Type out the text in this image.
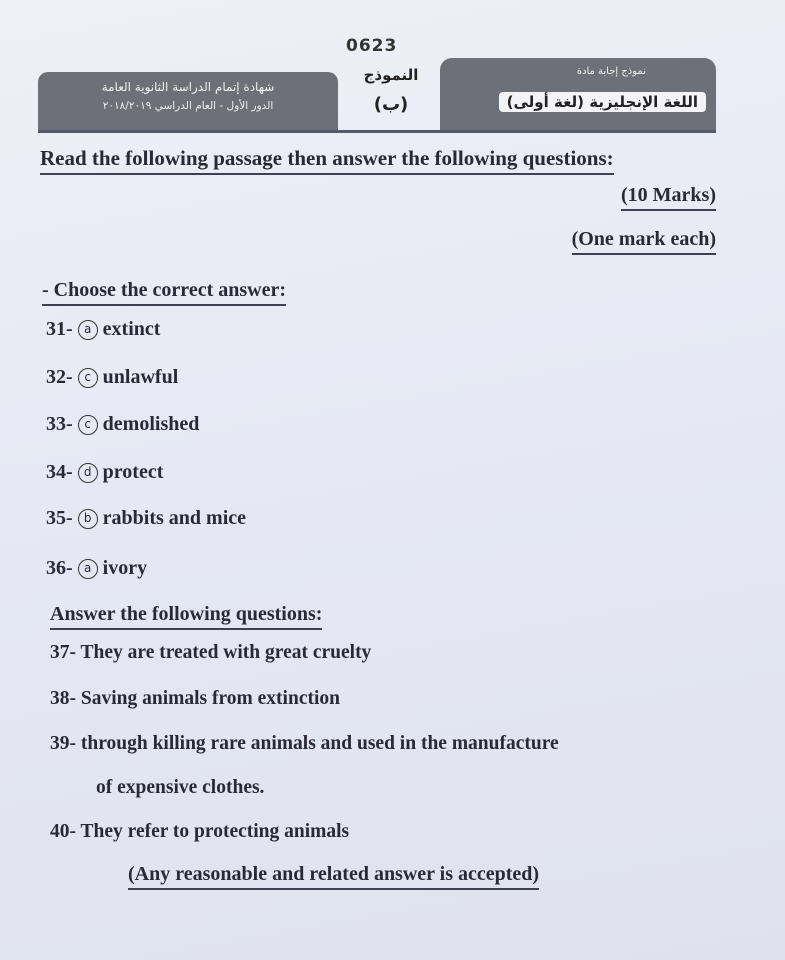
0623
شهادة إتمام الدراسة الثانوية العامة
الدور الأول - العام الدراسي ٢٠١٨/٢٠١٩
النموذج
(ب)
نموذج إجابة مادة
اللغة الإنجليزية (لغة أولى)
Read the following passage then answer the following questions:
(10 Marks)
(One mark each)
- Choose the correct answer:
31- a extinct
32- c unlawful
33- c demolished
34- d protect
35- b rabbits and mice
36- a ivory
Answer the following questions:
37- They are treated with great cruelty
38- Saving animals from extinction
39- through killing rare animals and used in the manufacture
of expensive clothes.
40- They refer to protecting animals
(Any reasonable and related answer is accepted)
